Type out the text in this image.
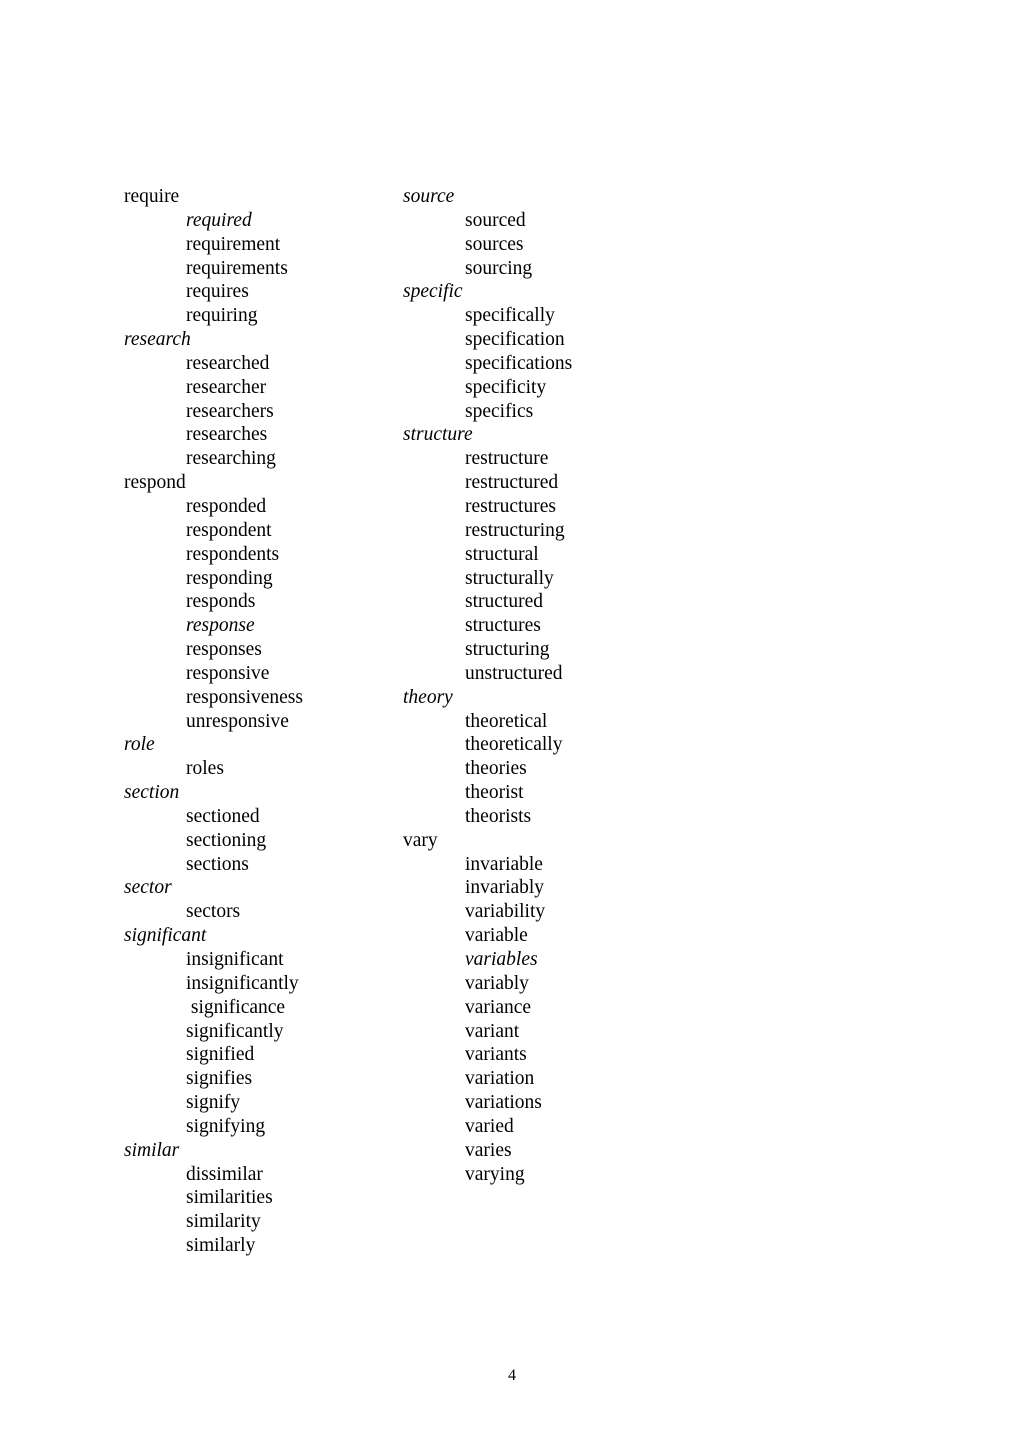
require
required
requirement
requirements
requires
requiring
research
researched
researcher
researchers
researches
researching
respond
responded
respondent
respondents
responding
responds
response
responses
responsive
responsiveness
unresponsive
role
roles
section
sectioned
sectioning
sections
sector
sectors
significant
insignificant
insignificantly
significance
significantly
signified
signifies
signify
signifying
similar
dissimilar
similarities
similarity
similarly
source
sourced
sources
sourcing
specific
specifically
specification
specifications
specificity
specifics
structure
restructure
restructured
restructures
restructuring
structural
structurally
structured
structures
structuring
unstructured
theory
theoretical
theoretically
theories
theorist
theorists
vary
invariable
invariably
variability
variable
variables
variably
variance
variant
variants
variation
variations
varied
varies
varying
4
